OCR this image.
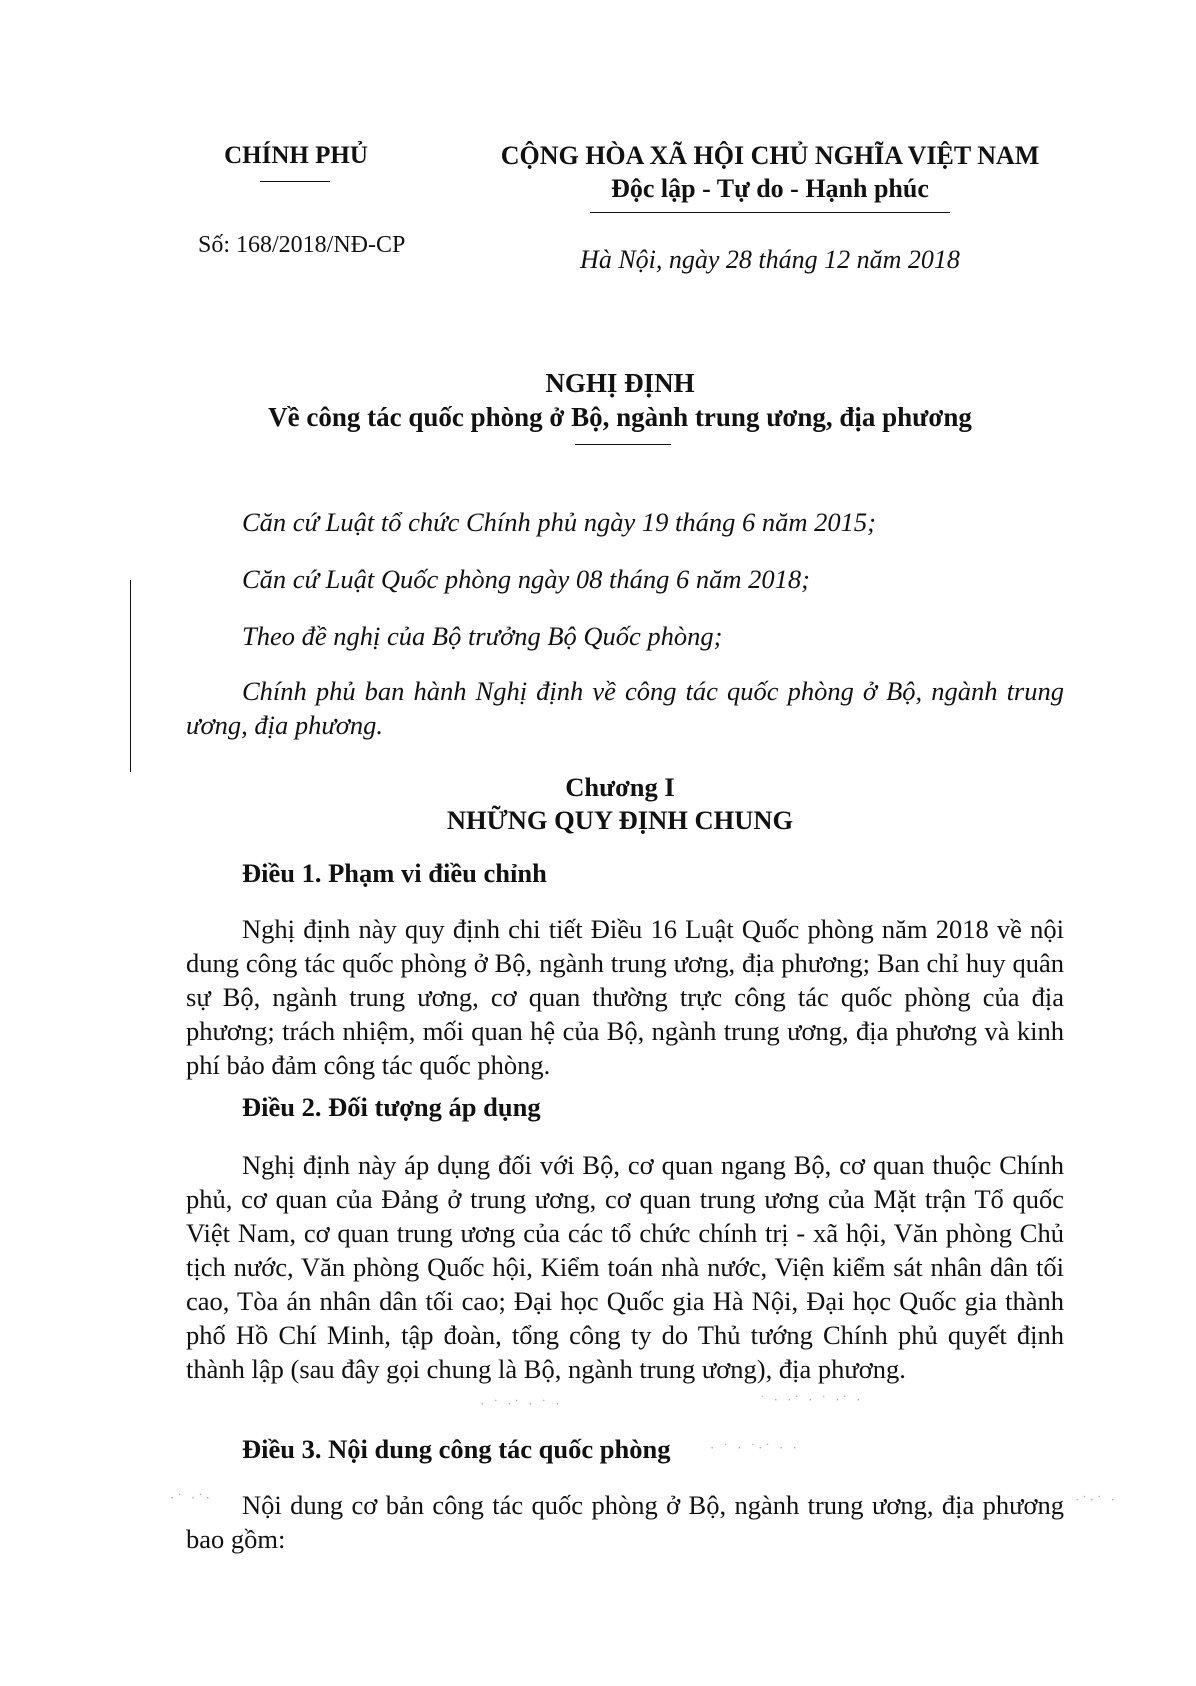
CHÍNH PHỦ
Số: 168/2018/NĐ-CP
CỘNG HÒA XÃ HỘI CHỦ NGHĨA VIỆT NAM
Độc lập - Tự do - Hạnh phúc
Hà Nội, ngày 28 tháng 12 năm 2018
NGHỊ ĐỊNH
Về công tác quốc phòng ở Bộ, ngành trung ương, địa phương

Căn cứ Luật tổ chức Chính phủ ngày 19 tháng 6 năm 2015;

Căn cứ Luật Quốc phòng ngày 08 tháng 6 năm 2018;

Theo đề nghị của Bộ trưởng Bộ Quốc phòng;

Chính phủ ban hành Nghị định về công tác quốc phòng ở Bộ, ngành trung ương, địa phương.

Chương I
NHỮNG QUY ĐỊNH CHUNG
Điều 1. Phạm vi điều chỉnh

Nghị định này quy định chi tiết Điều 16 Luật Quốc phòng năm 2018 về nội dung công tác quốc phòng ở Bộ, ngành trung ương, địa phương; Ban chỉ huy quân sự Bộ, ngành trung ương, cơ quan thường trực công tác quốc phòng của địa phương; trách nhiệm, mối quan hệ của Bộ, ngành trung ương, địa phương và kinh phí bảo đảm công tác quốc phòng.

Điều 2. Đối tượng áp dụng

Nghị định này áp dụng đối với Bộ, cơ quan ngang Bộ, cơ quan thuộc Chính phủ, cơ quan của Đảng ở trung ương, cơ quan trung ương của Mặt trận Tổ quốc Việt Nam, cơ quan trung ương của các tổ chức chính trị - xã hội, Văn phòng Chủ tịch nước, Văn phòng Quốc hội, Kiểm toán nhà nước, Viện kiểm sát nhân dân tối cao, Tòa án nhân dân tối cao; Đại học Quốc gia Hà Nội, Đại học Quốc gia thành phố Hồ Chí Minh, tập đoàn, tổng công ty do Thủ tướng Chính phủ quyết định thành lập (sau đây gọi chung là Bộ, ngành trung ương), địa phương.

Điều 3. Nội dung công tác quốc phòng

Nội dung cơ bản công tác quốc phòng ở Bộ, ngành trung ương, địa phương bao gồm:

· ˙ ·˙ · ˙ ·	˙ · ·˙ · ˙ ·˙ ·
· ˙ · ˙·˙ · ·
·˙ ·˙·	·˙·˙ ·
